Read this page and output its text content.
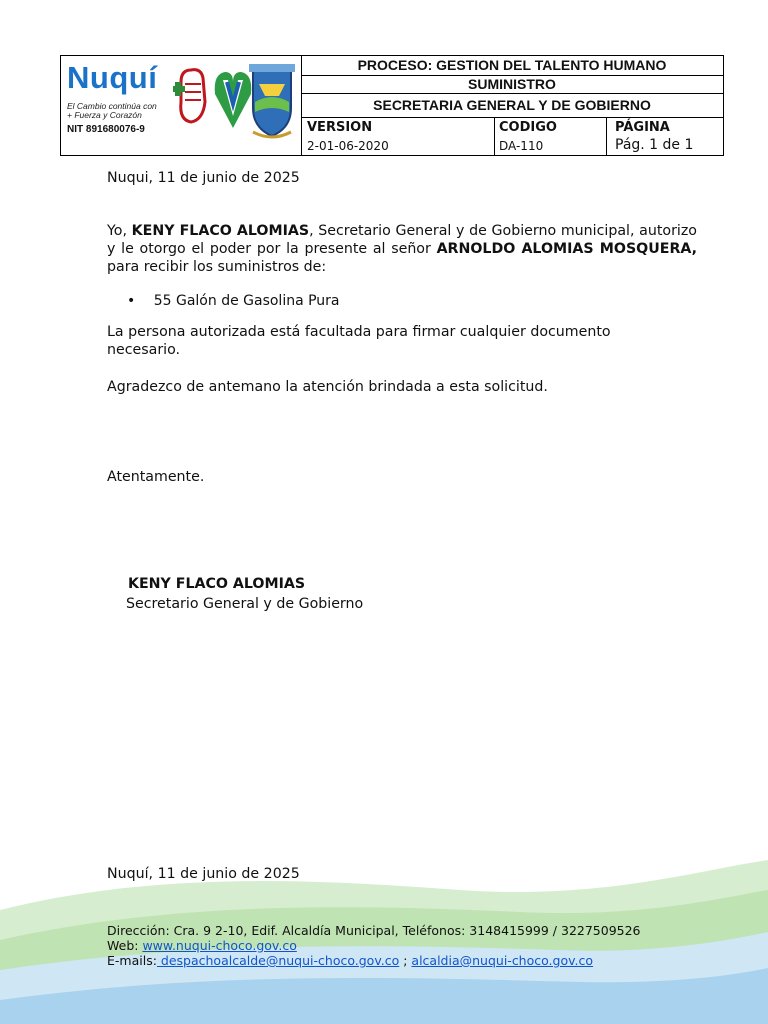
Nuquí
El Cambio continúa con
+ Fuerza y Corazón
NIT 891680076-9
PROCESO: GESTION DEL TALENTO HUMANO
SUMINISTRO
SECRETARIA GENERAL Y DE GOBIERNO
VERSION
2-01-06-2020
CODIGO
DA-110
PÁGINA
Pág. 1 de 1
Nuqui, 11 de junio de 2025
Yo, KENY FLACO ALOMIAS, Secretario General y de Gobierno municipal, autorizo y le otorgo el poder por la presente al señor ARNOLDO ALOMIAS MOSQUERA, para recibir los suministros de:
• 55 Galón de Gasolina Pura
La persona autorizada está facultada para firmar cualquier documento necesario.
Agradezco de antemano la atención brindada a esta solicitud.
Atentamente.
KENY FLACO ALOMIAS
Secretario General y de Gobierno
Nuquí, 11 de junio de 2025
Dirección: Cra. 9 2-10, Edif. Alcaldía Municipal, Teléfonos: 3148415999 / 3227509526
Web: www.nuqui-choco.gov.co
E-mails: despachoalcalde@nuqui-choco.gov.co ; alcaldia@nuqui-choco.gov.co
